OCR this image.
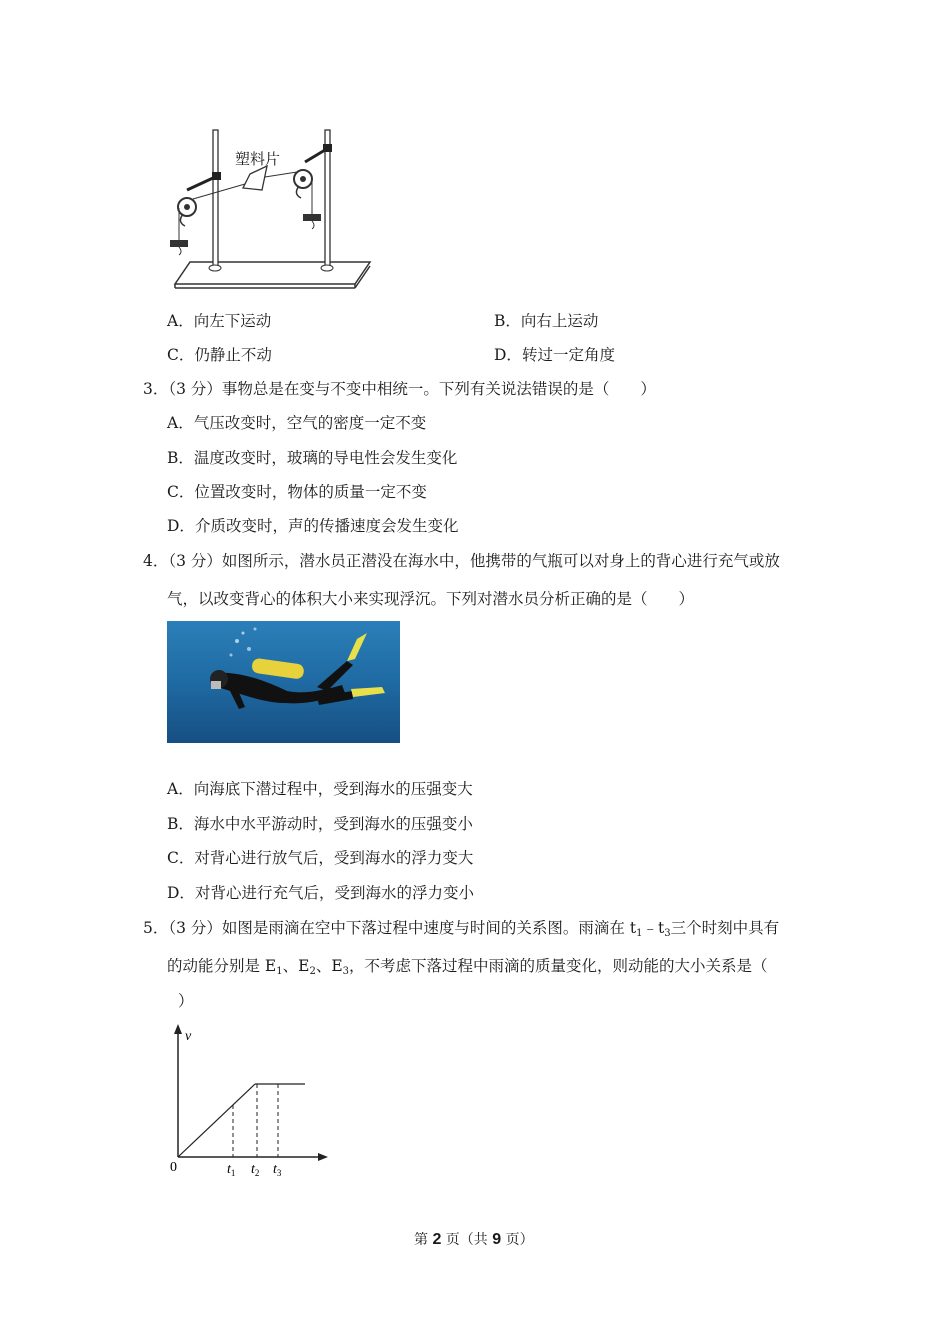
塑料片
A．向左下运动	B．向右上运动
C．仍静止不动	D．转过一定角度
3．（3 分）事物总是在变与不变中相统一。下列有关说法错误的是（　　）
A．气压改变时，空气的密度一定不变
B．温度改变时，玻璃的导电性会发生变化
C．位置改变时，物体的质量一定不变
D．介质改变时，声的传播速度会发生变化
4．（3 分）如图所示，潜水员正潜没在海水中，他携带的气瓶可以对身上的背心进行充气或放
气，以改变背心的体积大小来实现浮沉。下列对潜水员分析正确的是（　　）
A．向海底下潜过程中，受到海水的压强变大
B．海水中水平游动时，受到海水的压强变小
C．对背心进行放气后，受到海水的浮力变大
D．对背心进行充气后，受到海水的浮力变小
5．（3 分）如图是雨滴在空中下落过程中速度与时间的关系图。雨滴在 $t_1﹣t_3$三个时刻中具有
的动能分别是 $E_1$、$E_2$、$E_3$，不考虑下落过程中雨滴的质量变化，则动能的大小关系是（
）
v
0	$t_1$ $t_2$ $t_3$
第 2 页（共 9 页）
